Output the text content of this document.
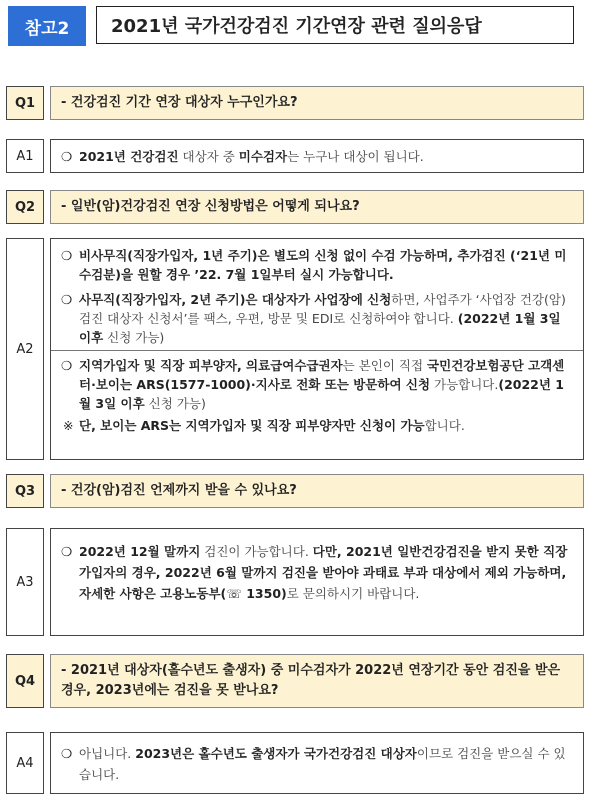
참고2	2021년 국가건강검진 기간연장 관련 질의응답
Q1	- 건강검진 기간 연장 대상자 누구인가요?
A1	❍ 2021년 건강검진 대상자 중 미수검자는 누구나 대상이 됩니다.
Q2	- 일반(암)건강검진 연장 신청방법은 어떻게 되나요?
A2
❍ 비사무직(직장가입자, 1년 주기)은 별도의 신청 없이 수검 가능하며, 추가검진 (‘21년 미수검분)을 원할 경우 ’22. 7월 1일부터 실시 가능합니다.
❍ 사무직(직장가입자, 2년 주기)은 대상자가 사업장에 신청하면, 사업주가 ‘사업장 건강(암)검진 대상자 신청서’를 팩스, 우편, 방문 및 EDI로 신청하여야 합니다. (2022년 1월 3일 이후 신청 가능)
❍ 지역가입자 및 직장 피부양자, 의료급여수급권자는 본인이 직접 국민건강보험공단 고객센터·보이는 ARS(1577-1000)·지사로 전화 또는 방문하여 신청 가능합니다.(2022년 1월 3일 이후 신청 가능)
※ 단, 보이는 ARS는 지역가입자 및 직장 피부양자만 신청이 가능합니다.
Q3	- 건강(암)검진 언제까지 받을 수 있나요?
A3
❍ 2022년 12월 말까지 검진이 가능합니다. 다만, 2021년 일반건강검진을 받지 못한 직장가입자의 경우, 2022년 6월 말까지 검진을 받아야 과태료 부과 대상에서 제외 가능하며, 자세한 사항은 고용노동부(☏ 1350)로 문의하시기 바랍니다.
Q4
- 2021년 대상자(홀수년도 출생자) 중 미수검자가 2022년 연장기간 동안 검진을 받은 경우, 2023년에는 검진을 못 받나요?
A4
❍ 아닙니다. 2023년은 홀수년도 출생자가 국가건강검진 대상자이므로 검진을 받으실 수 있습니다.
